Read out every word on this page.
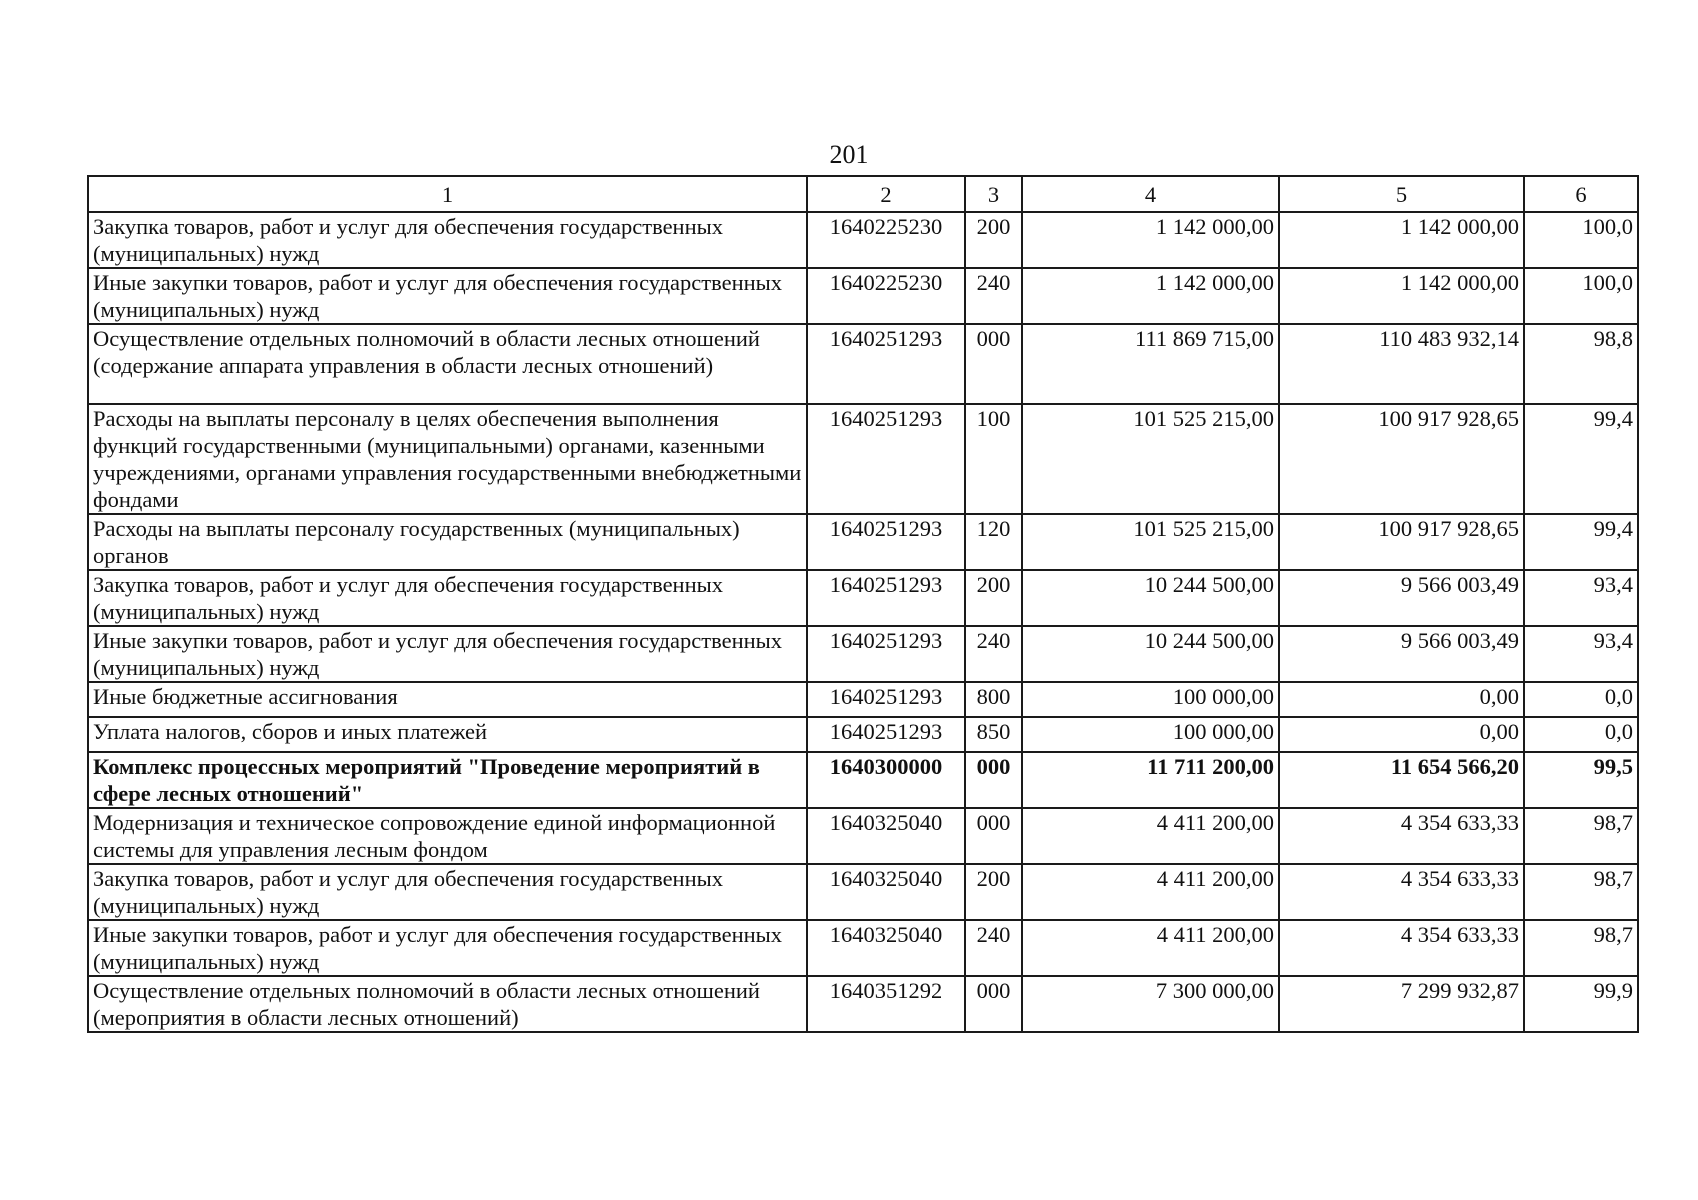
201
1	2	3	4	5	6
Закупка товаров, работ и услуг для обеспечения государственных (муниципальных) нужд	1640225230	200	1 142 000,00	1 142 000,00	100,0
Иные закупки товаров, работ и услуг для обеспечения государственных (муниципальных) нужд	1640225230	240	1 142 000,00	1 142 000,00	100,0
Осуществление отдельных полномочий в области лесных отношений (содержание аппарата управления в области лесных отношений)	1640251293	000	111 869 715,00	110 483 932,14	98,8
Расходы на выплаты персоналу в целях обеспечения выполнения функций государственными (муниципальными) органами, казенными учреждениями, органами управления государственными внебюджетными фондами	1640251293	100	101 525 215,00	100 917 928,65	99,4
Расходы на выплаты персоналу государственных (муниципальных) органов	1640251293	120	101 525 215,00	100 917 928,65	99,4
Закупка товаров, работ и услуг для обеспечения государственных (муниципальных) нужд	1640251293	200	10 244 500,00	9 566 003,49	93,4
Иные закупки товаров, работ и услуг для обеспечения государственных (муниципальных) нужд	1640251293	240	10 244 500,00	9 566 003,49	93,4
Иные бюджетные ассигнования	1640251293	800	100 000,00	0,00	0,0
Уплата налогов, сборов и иных платежей	1640251293	850	100 000,00	0,00	0,0
Комплекс процессных мероприятий "Проведение мероприятий в сфере лесных отношений"	1640300000	000	11 711 200,00	11 654 566,20	99,5
Модернизация и техническое сопровождение единой информационной системы для управления лесным фондом	1640325040	000	4 411 200,00	4 354 633,33	98,7
Закупка товаров, работ и услуг для обеспечения государственных (муниципальных) нужд	1640325040	200	4 411 200,00	4 354 633,33	98,7
Иные закупки товаров, работ и услуг для обеспечения государственных (муниципальных) нужд	1640325040	240	4 411 200,00	4 354 633,33	98,7
Осуществление отдельных полномочий в области лесных отношений (мероприятия в области лесных отношений)	1640351292	000	7 300 000,00	7 299 932,87	99,9
